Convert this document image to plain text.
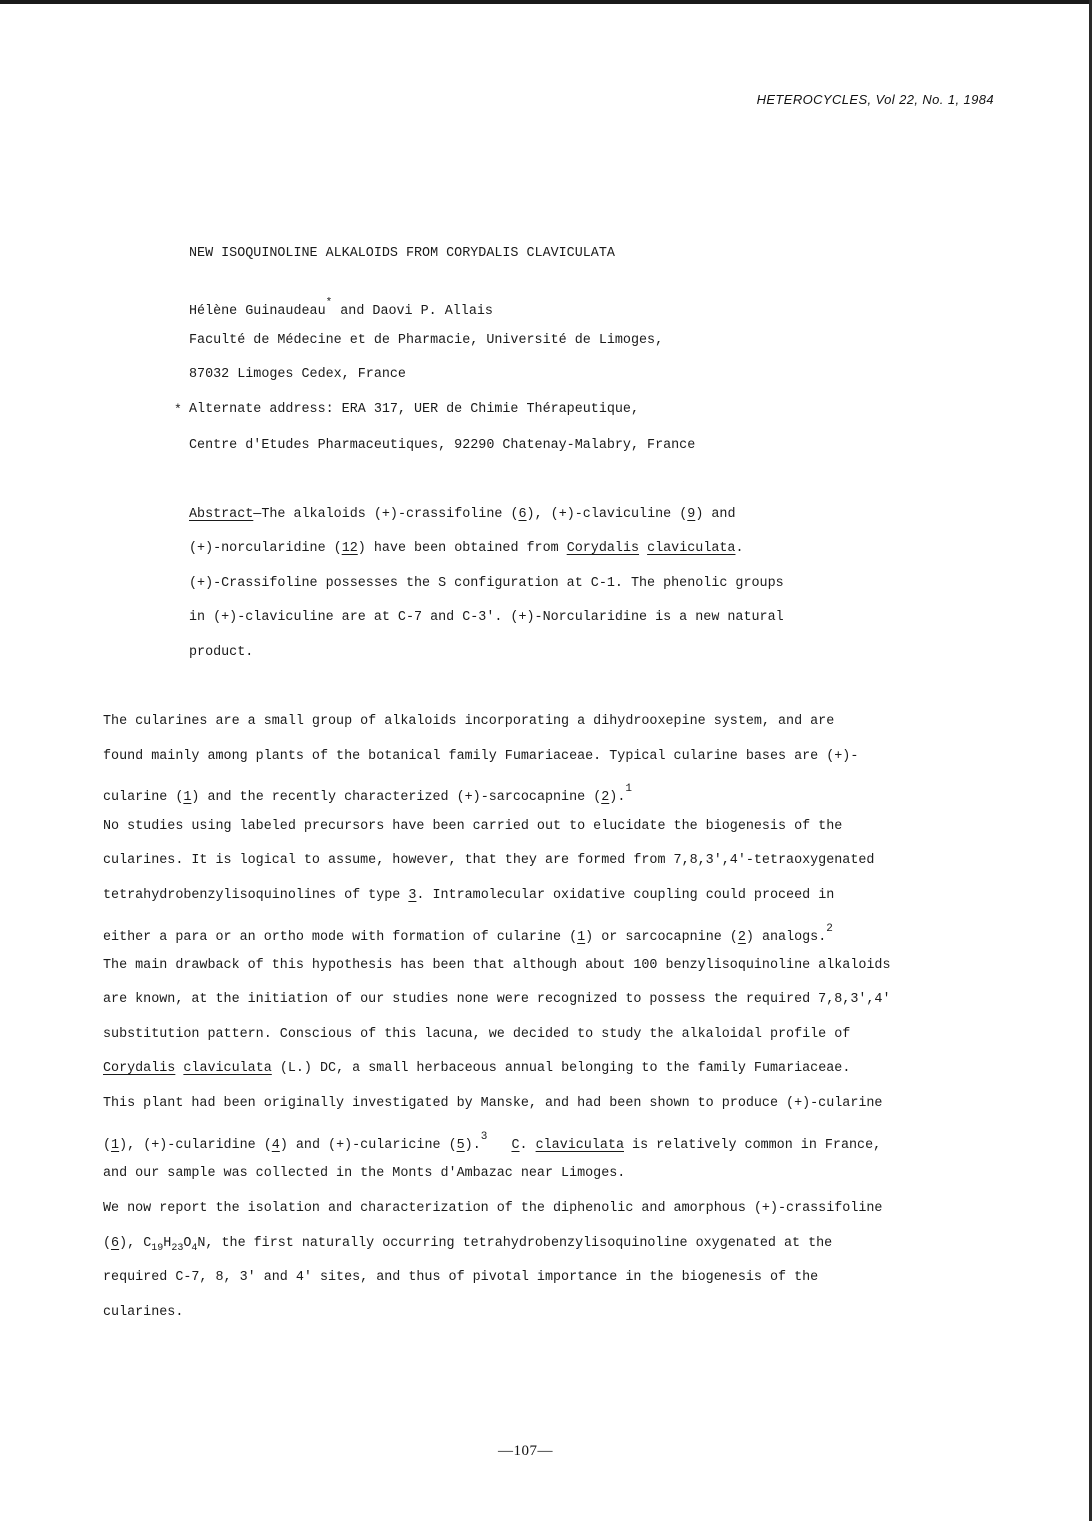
HETEROCYCLES, Vol 22, No. 1, 1984
NEW ISOQUINOLINE ALKALOIDS FROM CORYDALIS CLAVICULATA
Hélène Guinaudeau* and Daovi P. Allais
Faculté de Médecine et de Pharmacie, Université de Limoges,
87032 Limoges Cedex, France
* Alternate address: ERA 317, UER de Chimie Thérapeutique,
Centre d'Etudes Pharmaceutiques, 92290 Chatenay-Malabry, France
Abstract—The alkaloids (+)-crassifoline (6), (+)-claviculine (9) and
(+)-norcularidine (12) have been obtained from Corydalis claviculata.
(+)-Crassifoline possesses the S configuration at C-1. The phenolic groups
in (+)-claviculine are at C-7 and C-3'. (+)-Norcularidine is a new natural
product.
The cularines are a small group of alkaloids incorporating a dihydrooxepine system, and are
found mainly among plants of the botanical family Fumariaceae. Typical cularine bases are (+)-
cularine (1) and the recently characterized (+)-sarcocapnine (2).$^1$
No studies using labeled precursors have been carried out to elucidate the biogenesis of the
cularines. It is logical to assume, however, that they are formed from 7,8,3',4'-tetraoxygenated
tetrahydrobenzylisoquinolines of type 3. Intramolecular oxidative coupling could proceed in
either a para or an ortho mode with formation of cularine (1) or sarcocapnine (2) analogs.$^2$
The main drawback of this hypothesis has been that although about 100 benzylisoquinoline alkaloids
are known, at the initiation of our studies none were recognized to possess the required 7,8,3',4'
substitution pattern. Conscious of this lacuna, we decided to study the alkaloidal profile of
Corydalis claviculata (L.) DC, a small herbaceous annual belonging to the family Fumariaceae.
This plant had been originally investigated by Manske, and had been shown to produce (+)-cularine
(1), (+)-cularidine (4) and (+)-cularicine (5).$^3$   C. claviculata is relatively common in France,
and our sample was collected in the Monts d'Ambazac near Limoges.
We now report the isolation and characterization of the diphenolic and amorphous (+)-crassifoline
(6), $C_{19}H_{23}O_4N$, the first naturally occurring tetrahydrobenzylisoquinoline oxygenated at the
required C-7, 8, 3' and 4' sites, and thus of pivotal importance in the biogenesis of the
cularines.
—107—
